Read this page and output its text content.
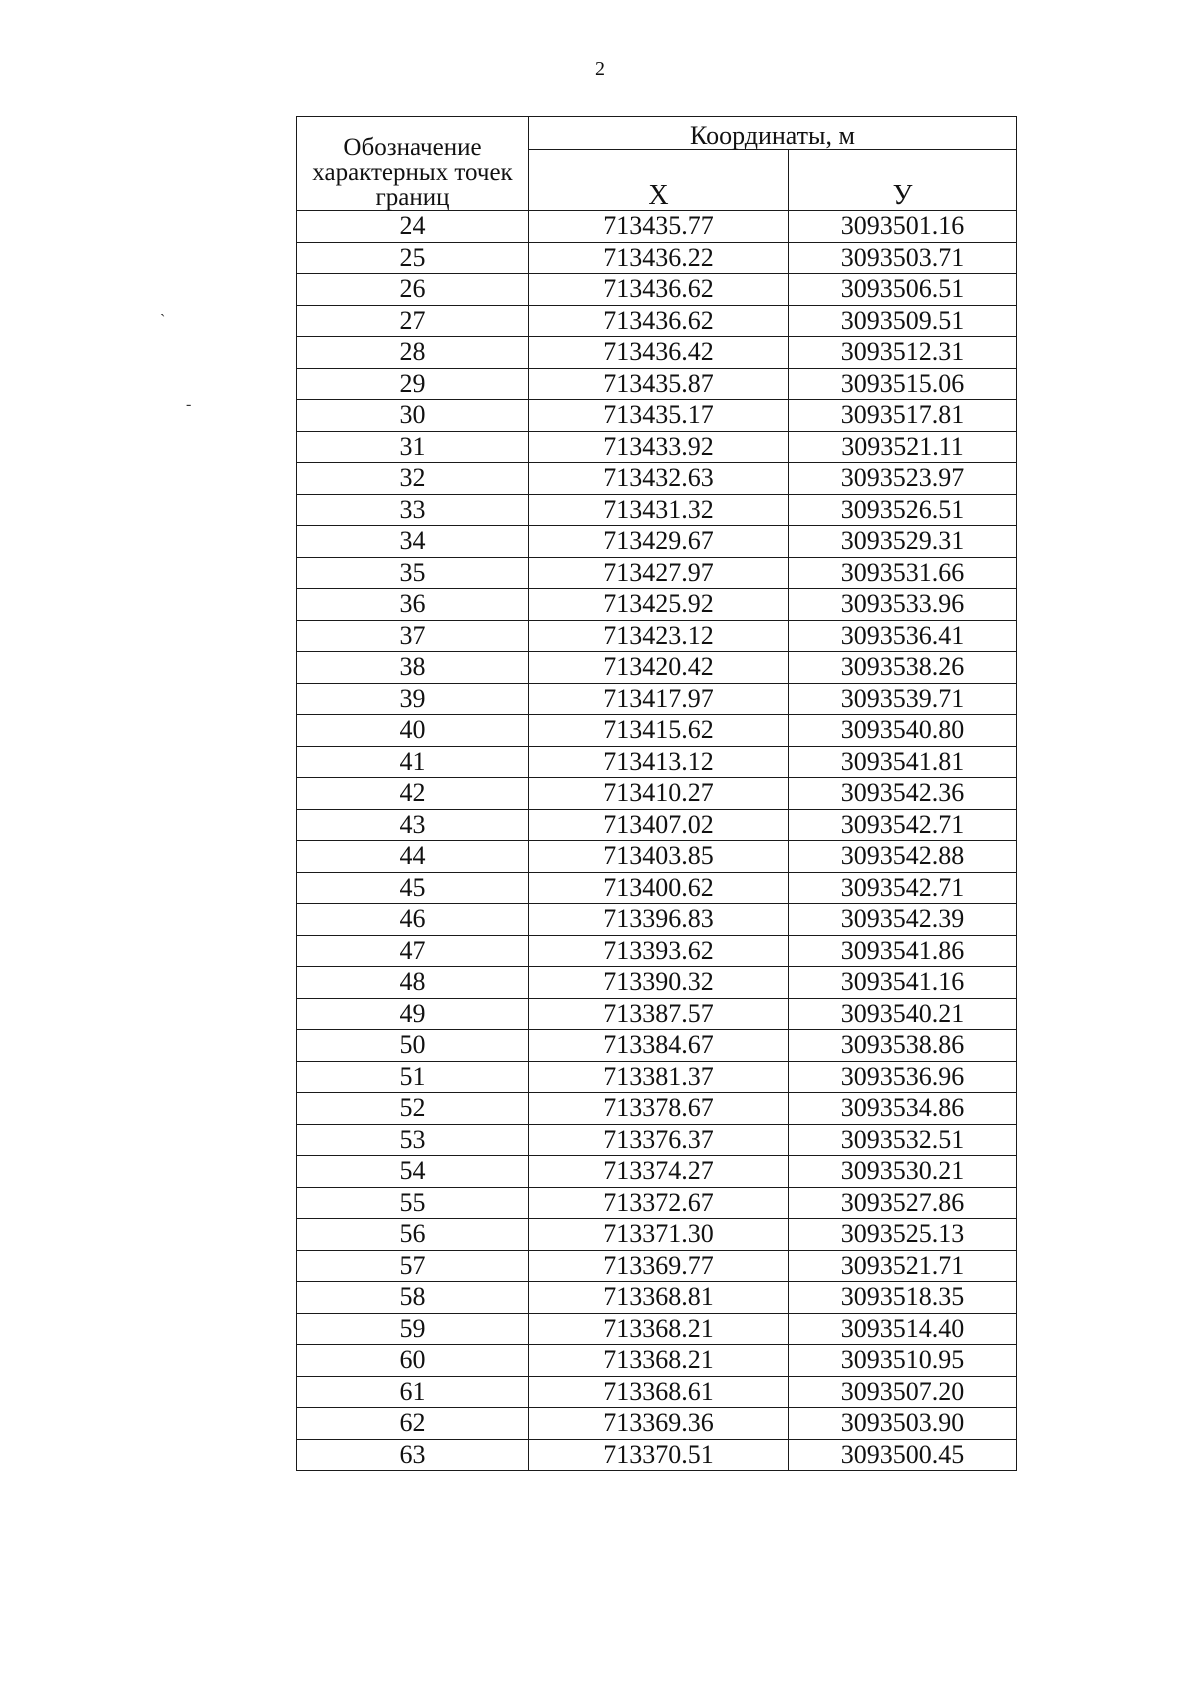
2
ˎ
-
Обозначение характерных точек границ	Координаты, м	
	Х	У
24	713435.77	3093501.16
25	713436.22	3093503.71
26	713436.62	3093506.51
27	713436.62	3093509.51
28	713436.42	3093512.31
29	713435.87	3093515.06
30	713435.17	3093517.81
31	713433.92	3093521.11
32	713432.63	3093523.97
33	713431.32	3093526.51
34	713429.67	3093529.31
35	713427.97	3093531.66
36	713425.92	3093533.96
37	713423.12	3093536.41
38	713420.42	3093538.26
39	713417.97	3093539.71
40	713415.62	3093540.80
41	713413.12	3093541.81
42	713410.27	3093542.36
43	713407.02	3093542.71
44	713403.85	3093542.88
45	713400.62	3093542.71
46	713396.83	3093542.39
47	713393.62	3093541.86
48	713390.32	3093541.16
49	713387.57	3093540.21
50	713384.67	3093538.86
51	713381.37	3093536.96
52	713378.67	3093534.86
53	713376.37	3093532.51
54	713374.27	3093530.21
55	713372.67	3093527.86
56	713371.30	3093525.13
57	713369.77	3093521.71
58	713368.81	3093518.35
59	713368.21	3093514.40
60	713368.21	3093510.95
61	713368.61	3093507.20
62	713369.36	3093503.90
63	713370.51	3093500.45
